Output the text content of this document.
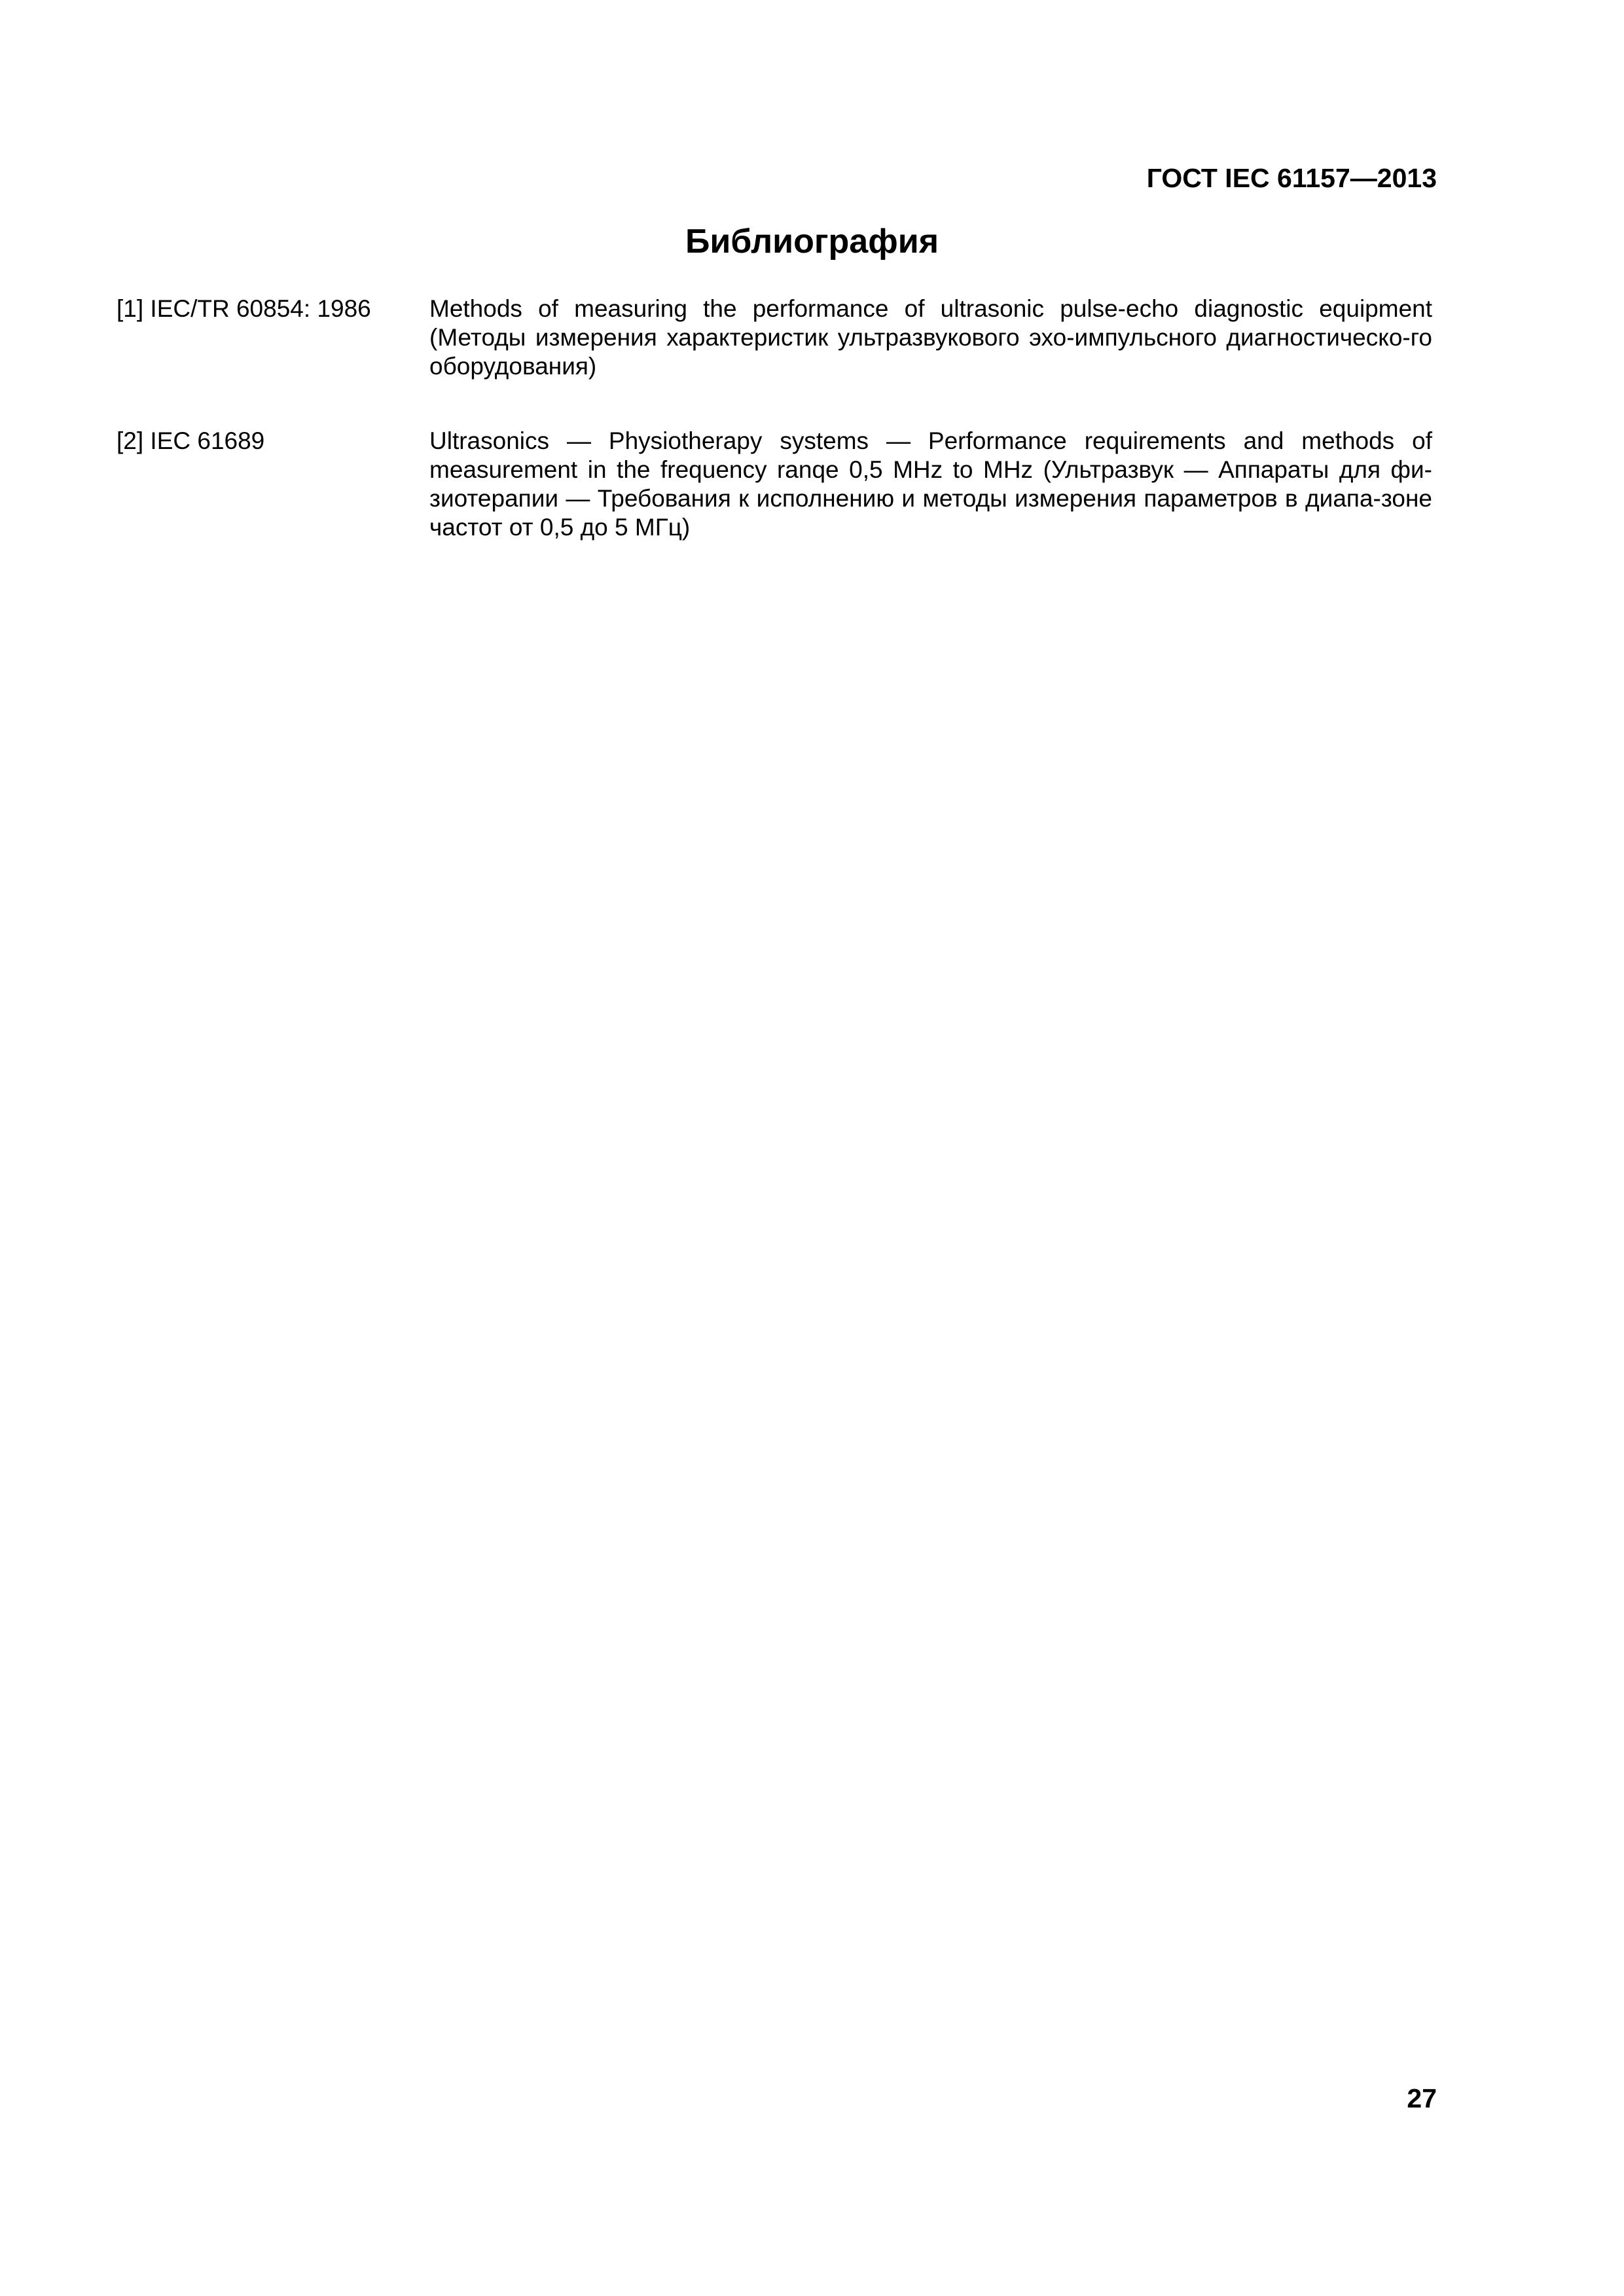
ГОСТ IEC 61157—2013
Библиография
[1] IEC/TR 60854: 1986 Methods of measuring the performance of ultrasonic pulse-echo diagnostic equipment (Методы измерения характеристик ультразвукового эхо-импульсного диагностическо-го оборудования)
[2] IEC 61689	Ultrasonics — Physiotherapy systems — Performance requirements and methods of measurement in the frequency ranqe 0,5 MHz to MHz (Ультразвук — Аппараты для фи-зиотерапии — Требования к исполнению и методы измерения параметров в диапа-зоне частот от 0,5 до 5 МГц)
27
